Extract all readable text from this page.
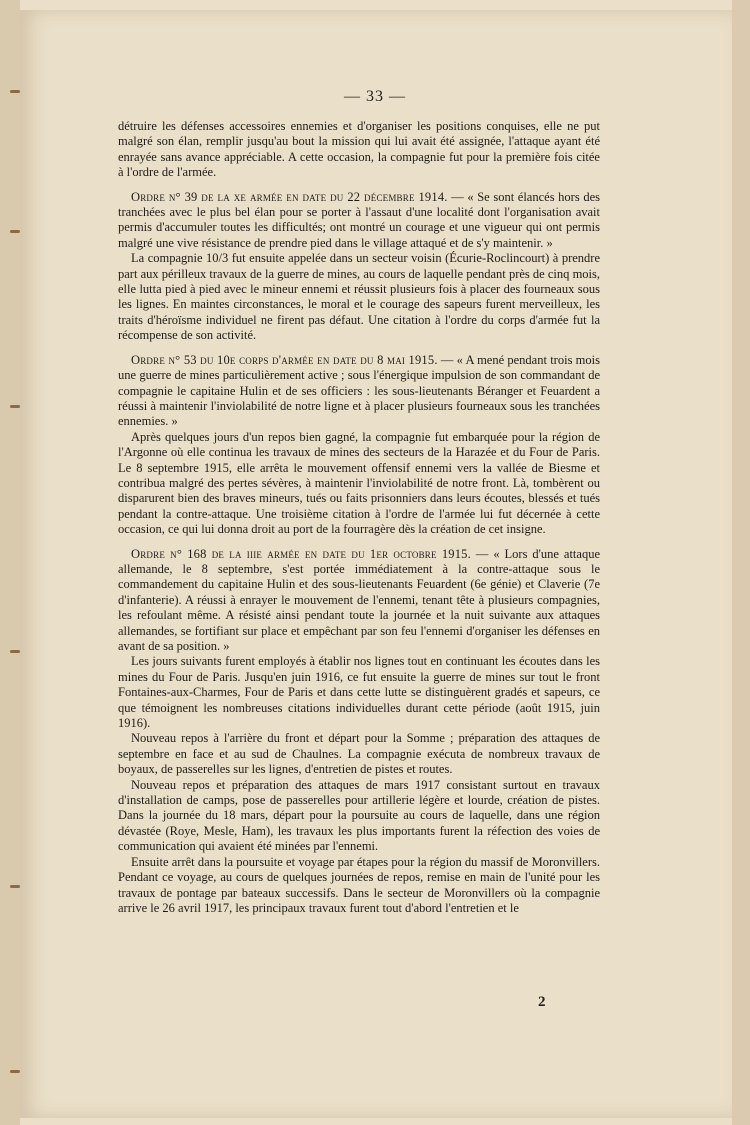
— 33 —

détruire les défenses accessoires ennemies et d'organiser les positions conquises, elle ne put malgré son élan, remplir jusqu'au bout la mission qui lui avait été assignée, l'attaque ayant été enrayée sans avance appréciable. A cette occasion, la compagnie fut pour la première fois citée à l'ordre de l'armée.

Ordre n° 39 de la xe armée en date du 22 décembre 1914. — « Se sont élancés hors des tranchées avec le plus bel élan pour se porter à l'assaut d'une localité dont l'organisation avait permis d'accumuler toutes les difficultés; ont montré un courage et une vigueur qui ont permis malgré une vive résistance de prendre pied dans le village attaqué et de s'y maintenir. »

La compagnie 10/3 fut ensuite appelée dans un secteur voisin (Écurie-Roclincourt) à prendre part aux périlleux travaux de la guerre de mines, au cours de laquelle pendant près de cinq mois, elle lutta pied à pied avec le mineur ennemi et réussit plusieurs fois à placer des fourneaux sous les lignes. En maintes circonstances, le moral et le courage des sapeurs furent merveilleux, les traits d'héroïsme individuel ne firent pas défaut. Une citation à l'ordre du corps d'armée fut la récompense de son activité.

Ordre n° 53 du 10e corps d'armée en date du 8 mai 1915. — « A mené pendant trois mois une guerre de mines particulièrement active ; sous l'énergique impulsion de son commandant de compagnie le capitaine Hulin et de ses officiers : les sous-lieutenants Béranger et Feuardent a réussi à maintenir l'inviolabilité de notre ligne et à placer plusieurs fourneaux sous les tranchées ennemies. »

Après quelques jours d'un repos bien gagné, la compagnie fut embarquée pour la région de l'Argonne où elle continua les travaux de mines des secteurs de la Harazée et du Four de Paris. Le 8 septembre 1915, elle arrêta le mouvement offensif ennemi vers la vallée de Biesme et contribua malgré des pertes sévères, à maintenir l'inviolabilité de notre front. Là, tombèrent ou disparurent bien des braves mineurs, tués ou faits prisonniers dans leurs écoutes, blessés et tués pendant la contre-attaque. Une troisième citation à l'ordre de l'armée lui fut décernée à cette occasion, ce qui lui donna droit au port de la fourragère dès la création de cet insigne.

Ordre n° 168 de la iiie armée en date du 1er octobre 1915. — « Lors d'une attaque allemande, le 8 septembre, s'est portée immédiatement à la contre-attaque sous le commandement du capitaine Hulin et des sous-lieutenants Feuardent (6e génie) et Claverie (7e d'infanterie). A réussi à enrayer le mouvement de l'ennemi, tenant tête à plusieurs compagnies, les refoulant même. A résisté ainsi pendant toute la journée et la nuit suivante aux attaques allemandes, se fortifiant sur place et empêchant par son feu l'ennemi d'organiser les défenses en avant de sa position. »

Les jours suivants furent employés à établir nos lignes tout en continuant les écoutes dans les mines du Four de Paris. Jusqu'en juin 1916, ce fut ensuite la guerre de mines sur tout le front Fontaines-aux-Charmes, Four de Paris et dans cette lutte se distinguèrent gradés et sapeurs, ce que témoignent les nombreuses citations individuelles durant cette période (août 1915, juin 1916).

Nouveau repos à l'arrière du front et départ pour la Somme ; préparation des attaques de septembre en face et au sud de Chaulnes. La compagnie exécuta de nombreux travaux de boyaux, de passerelles sur les lignes, d'entretien de pistes et routes.

Nouveau repos et préparation des attaques de mars 1917 consistant surtout en travaux d'installation de camps, pose de passerelles pour artillerie légère et lourde, création de pistes. Dans la journée du 18 mars, départ pour la poursuite au cours de laquelle, dans une région dévastée (Roye, Mesle, Ham), les travaux les plus importants furent la réfection des voies de communication qui avaient été minées par l'ennemi.

Ensuite arrêt dans la poursuite et voyage par étapes pour la région du massif de Moronvillers. Pendant ce voyage, au cours de quelques journées de repos, remise en main de l'unité pour les travaux de pontage par bateaux successifs. Dans le secteur de Moronvillers où la compagnie arrive le 26 avril 1917, les principaux travaux furent tout d'abord l'entretien et le

2
